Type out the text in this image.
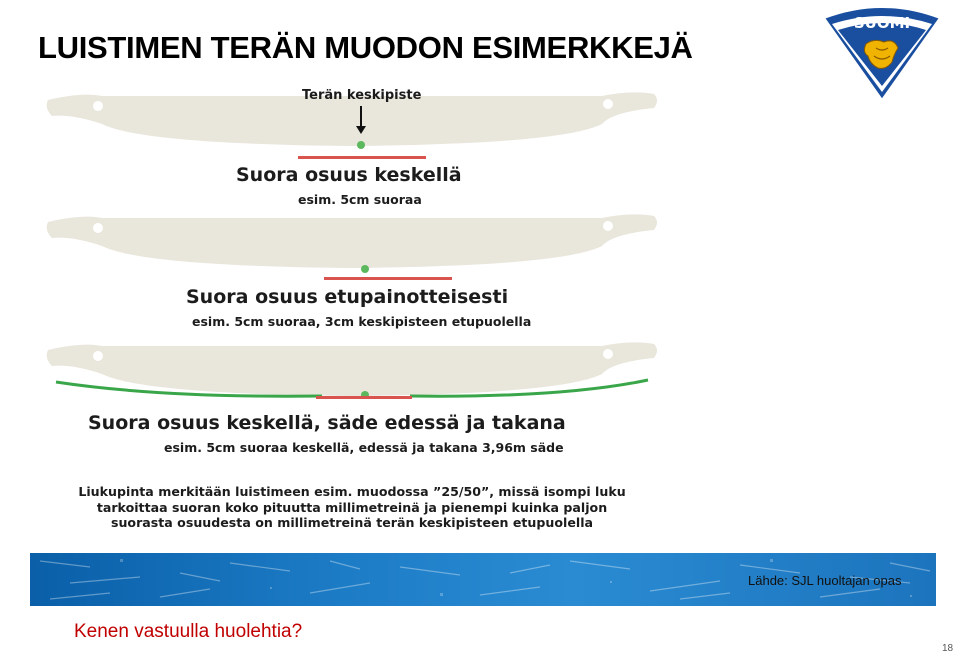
LUISTIMEN TERÄN MUODON ESIMERKKEJÄ
SUOMI
Terän keskipiste
Suora osuus keskellä
esim. 5cm suoraa
Suora osuus etupainotteisesti
esim. 5cm suoraa, 3cm keskipisteen etupuolella
Suora osuus keskellä, säde edessä ja takana
esim. 5cm suoraa keskellä, edessä ja takana 3,96m säde
Liukupinta merkitään luistimeen esim. muodossa ”25/50”, missä isompi luku
tarkoittaa suoran koko pituutta millimetreinä ja pienempi kuinka paljon
suorasta osuudesta on millimetreinä terän keskipisteen etupuolella
Lähde: SJL huoltajan opas
Kenen vastuulla huolehtia?
18
